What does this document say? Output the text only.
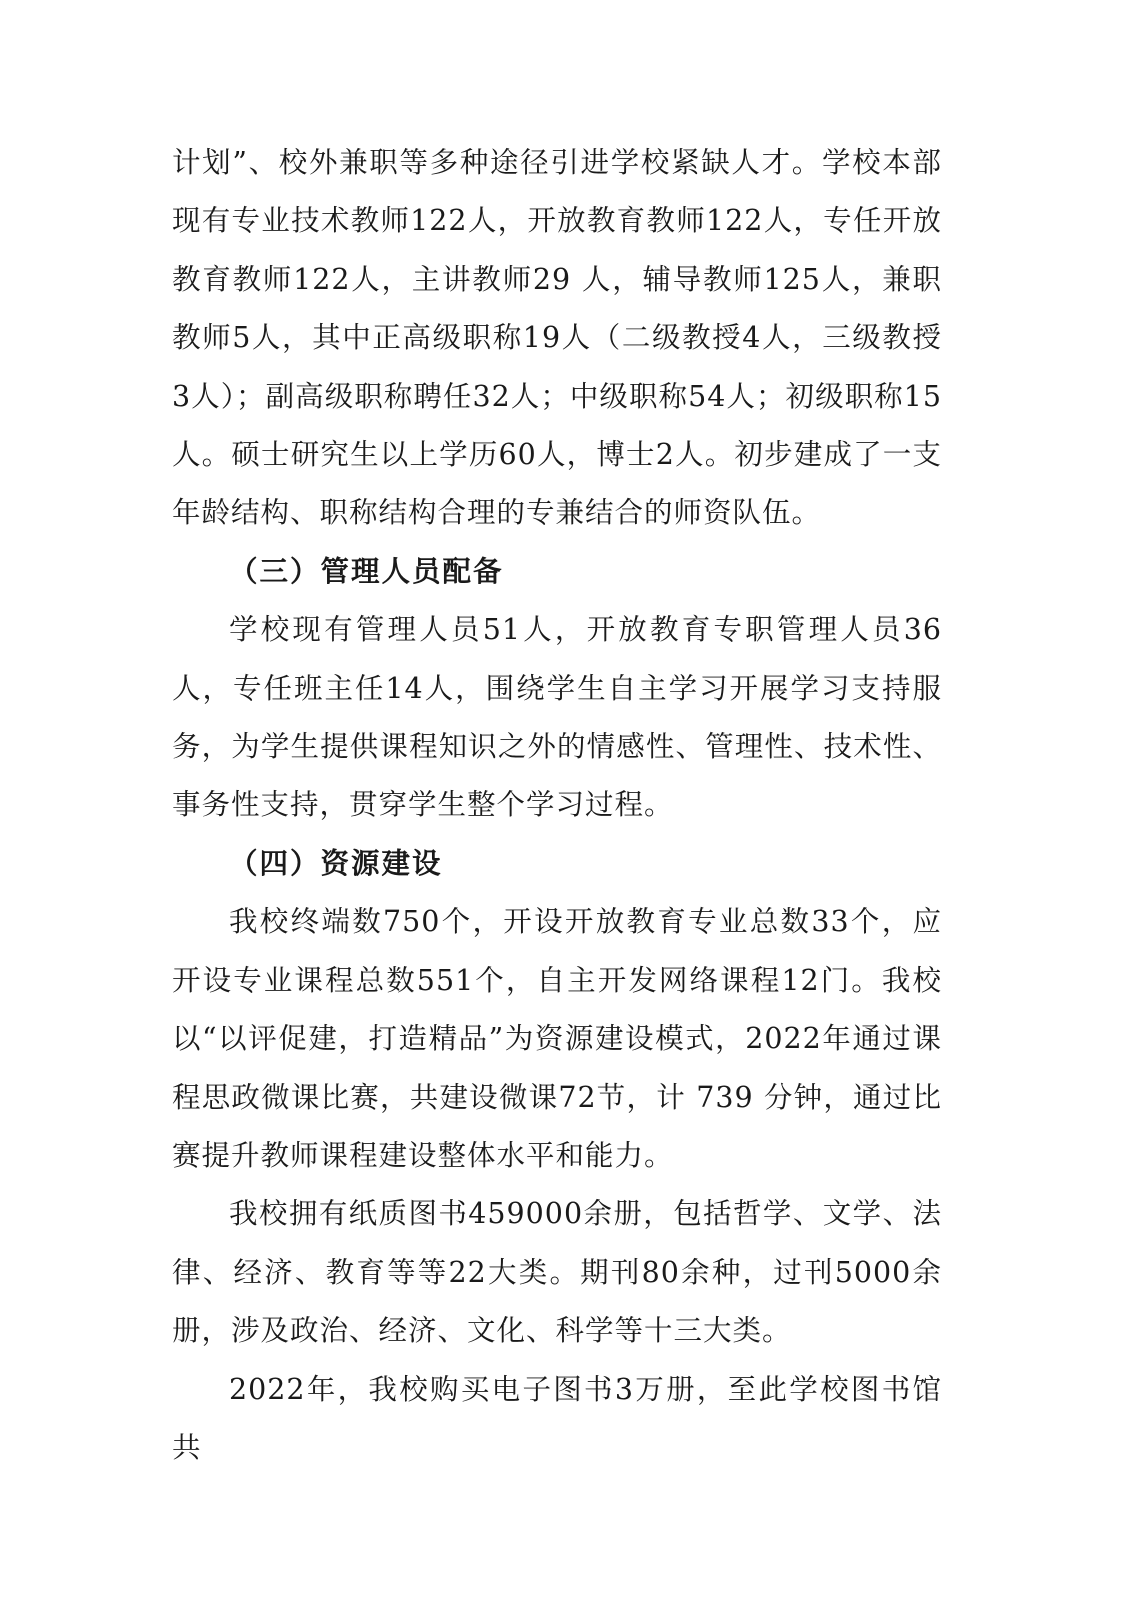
计划”、校外兼职等多种途径引进学校紧缺人才。学校本部现有专业技术教师122人，开放教育教师122人，专任开放教育教师122人，主讲教师29 人，辅导教师125人，兼职教师5人，其中正高级职称19人（二级教授4人，三级教授3人）；副高级职称聘任32人；中级职称54人；初级职称15人。硕士研究生以上学历60人，博士2人。初步建成了一支年龄结构、职称结构合理的专兼结合的师资队伍。

（三）管理人员配备

学校现有管理人员51人，开放教育专职管理人员36人，专任班主任14人，围绕学生自主学习开展学习支持服务，为学生提供课程知识之外的情感性、管理性、技术性、事务性支持，贯穿学生整个学习过程。

（四）资源建设

我校终端数750个，开设开放教育专业总数33个，应开设专业课程总数551个，自主开发网络课程12门。我校以“以评促建，打造精品”为资源建设模式，2022年通过课程思政微课比赛，共建设微课72节，计 739 分钟，通过比赛提升教师课程建设整体水平和能力。

我校拥有纸质图书459000余册，包括哲学、文学、法律、经济、教育等等22大类。期刊80余种，过刊5000余册，涉及政治、经济、文化、科学等十三大类。

2022年，我校购买电子图书3万册，至此学校图书馆共
